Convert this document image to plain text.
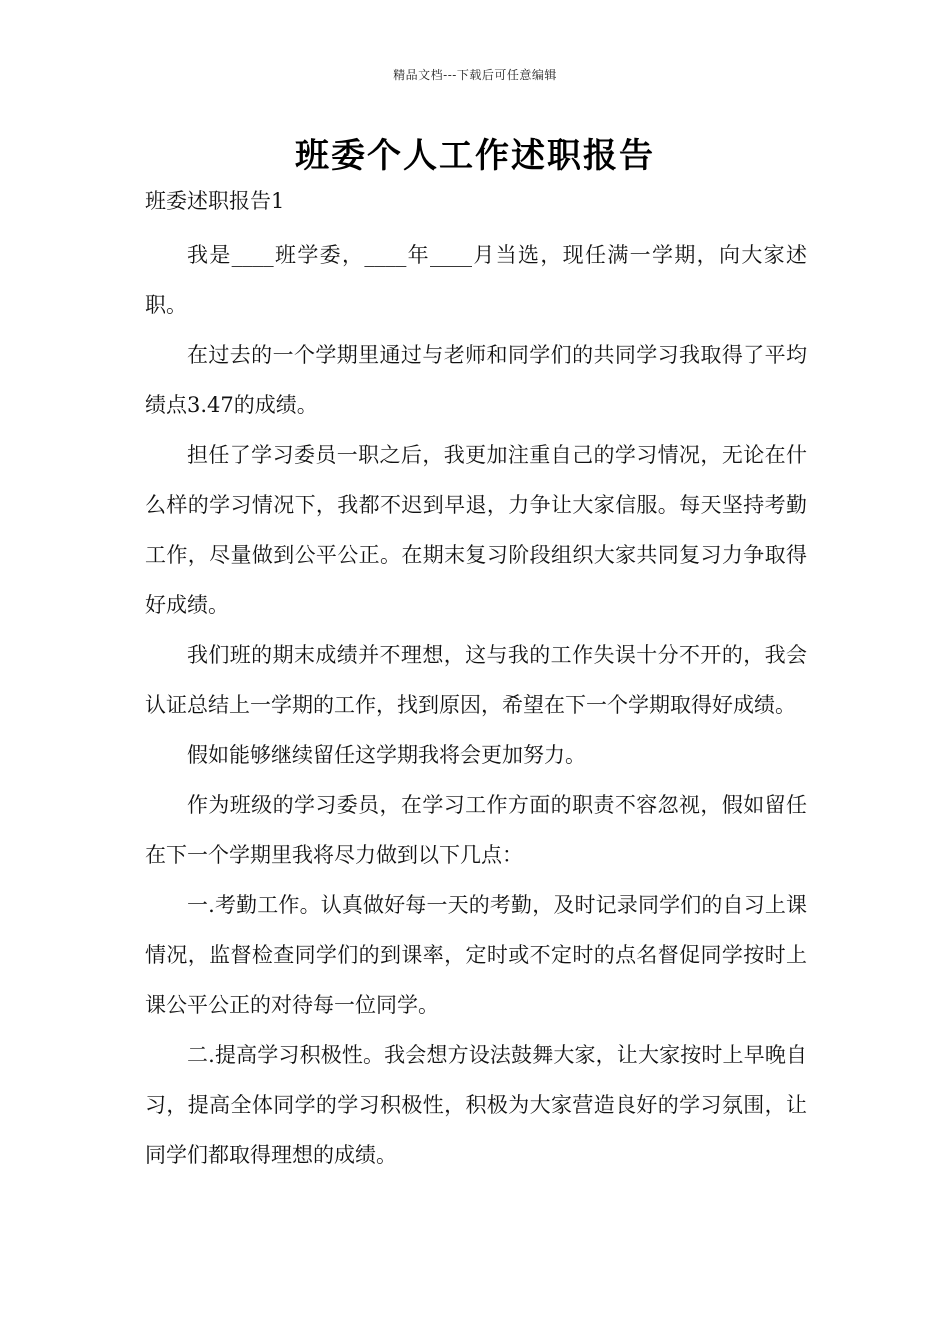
精品文档---下载后可任意编辑
班委个人工作述职报告

班委述职报告1

我是____班学委，____年____月当选，现任满一学期，向大家述职。

在过去的一个学期里通过与老师和同学们的共同学习我取得了平均绩点3.47的成绩。

担任了学习委员一职之后，我更加注重自己的学习情况，无论在什么样的学习情况下，我都不迟到早退，力争让大家信服。每天坚持考勤工作，尽量做到公平公正。在期末复习阶段组织大家共同复习力争取得好成绩。

我们班的期末成绩并不理想，这与我的工作失误十分不开的，我会认证总结上一学期的工作，找到原因，希望在下一个学期取得好成绩。

假如能够继续留任这学期我将会更加努力。

作为班级的学习委员，在学习工作方面的职责不容忽视，假如留任在下一个学期里我将尽力做到以下几点：

一.考勤工作。认真做好每一天的考勤，及时记录同学们的自习上课情况，监督检查同学们的到课率，定时或不定时的点名督促同学按时上课公平公正的对待每一位同学。

二.提高学习积极性。我会想方设法鼓舞大家，让大家按时上早晚自习，提高全体同学的学习积极性，积极为大家营造良好的学习氛围，让同学们都取得理想的成绩。
